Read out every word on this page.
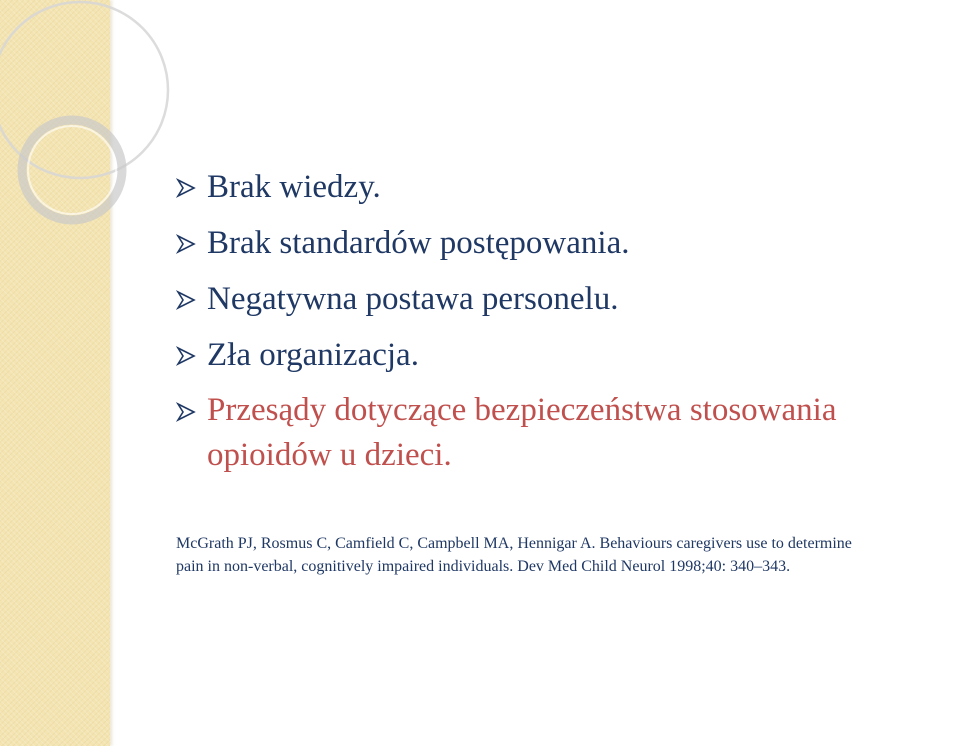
Brak wiedzy.
Brak standardów postępowania.
Negatywna postawa personelu.
Zła organizacja.
Przesądy dotyczące bezpieczeństwa stosowania opioidów u dzieci.
McGrath PJ, Rosmus C, Camfield C, Campbell MA, Hennigar A. Behaviours caregivers use to determine
pain in non-verbal, cognitively impaired individuals. Dev Med Child Neurol 1998;40: 340–343.
